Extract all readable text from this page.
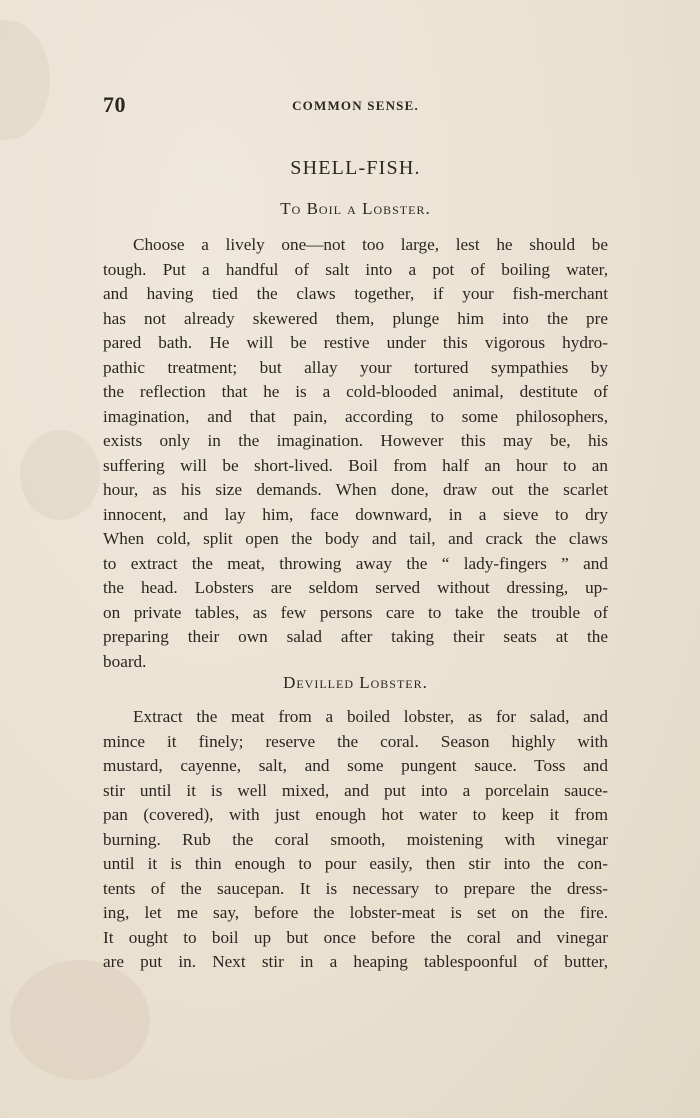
70	COMMON SENSE.
SHELL-FISH.
To Boil a Lobster.
Choose a lively one—not too large, lest he should be
tough. Put a handful of salt into a pot of boiling water,
and having tied the claws together, if your fish-merchant
has not already skewered them, plunge him into the pre
pared bath. He will be restive under this vigorous hydro-
pathic treatment; but allay your tortured sympathies by
the reflection that he is a cold-blooded animal, destitute of
imagination, and that pain, according to some philosophers,
exists only in the imagination. However this may be, his
suffering will be short-lived. Boil from half an hour to an
hour, as his size demands. When done, draw out the scarlet
innocent, and lay him, face downward, in a sieve to dry
When cold, split open the body and tail, and crack the claws
to extract the meat, throwing away the “ lady-fingers ” and
the head. Lobsters are seldom served without dressing, up-
on private tables, as few persons care to take the trouble of
preparing their own salad after taking their seats at the
board.
Devilled Lobster.
Extract the meat from a boiled lobster, as for salad, and
mince it finely; reserve the coral. Season highly with
mustard, cayenne, salt, and some pungent sauce. Toss and
stir until it is well mixed, and put into a porcelain sauce-
pan (covered), with just enough hot water to keep it from
burning. Rub the coral smooth, moistening with vinegar
until it is thin enough to pour easily, then stir into the con-
tents of the saucepan. It is necessary to prepare the dress-
ing, let me say, before the lobster-meat is set on the fire.
It ought to boil up but once before the coral and vinegar
are put in. Next stir in a heaping tablespoonful of butter,
